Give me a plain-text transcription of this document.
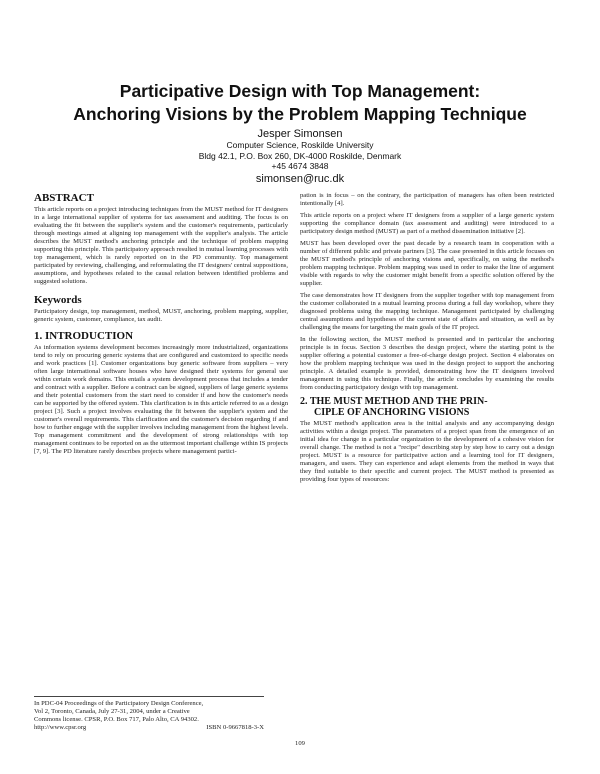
Participative Design with Top Management:
Anchoring Visions by the Problem Mapping Technique
Jesper Simonsen
Computer Science, Roskilde University
Bldg 42.1, P.O. Box 260, DK-4000 Roskilde, Denmark
+45 4674 3848
simonsen@ruc.dk
ABSTRACT
This article reports on a project introducing techniques from the MUST method for IT designers in a large international supplier of systems for tax assessment and auditing. The focus is on evaluating the fit between the supplier's system and the customer's requirements, particularly through meetings aimed at aligning top management with the supplier's analysis. The article describes the MUST method's anchoring principle and the technique of problem mapping supporting this principle. This participatory approach resulted in mutual learning processes with top management, which is rarely reported on in the PD community. Top management participated by reviewing, challenging, and reformulating the IT designers' central suppositions, assumptions, and hypotheses related to the causal relation between identified problems and suggested solutions.
Keywords
Participatory design, top management, method, MUST, anchoring, problem mapping, supplier, generic system, customer, compliance, tax audit.
1. INTRODUCTION
As information systems development becomes increasingly more industrialized, organizations tend to rely on procuring generic systems that are configured and customized to specific needs and work practices [1]. Customer organizations buy generic software from suppliers – very often large international software houses who have designed their systems for general use within certain work domains. This entails a system development process that includes a tender and contract with a supplier. Before a contract can be signed, suppliers of large generic systems and their potential customers from the start need to consider if and how the customer's needs can be supported by the offered system. This clarification is in this article referred to as a design project [3]. Such a project involves evaluating the fit between the supplier's system and the customer's overall requirements. This clarification and the customer's decision regarding if and how to further engage with the supplier involves including management from the highest levels. Top management commitment and the development of strong relationships with top management continues to be reported on as the uttermost important challenge within IS projects [7, 9]. The PD literature rarely describes projects where management partici-
In PDC-04 Proceedings of the Participatory Design Conference,
Vol 2, Toronto, Canada, July 27-31, 2004, under a Creative
Commons license. CPSR, P.O. Box 717, Palo Alto, CA 94302.
http://www.cpsr.org	ISBN 0-9667818-3-X
pation is in focus – on the contrary, the participation of managers has often been restricted intentionally [4].
This article reports on a project where IT designers from a supplier of a large generic system supporting the compliance domain (tax assessment and auditing) were introduced to a participatory design method (MUST) as part of a method dissemination initiative [2].
MUST has been developed over the past decade by a research team in cooperation with a number of different public and private partners [3]. The case presented in this article focuses on the MUST method's principle of anchoring visions and, specifically, on using the method's problem mapping technique. Problem mapping was used in order to make the line of argument visible with regards to why the customer might benefit from a specific solution offered by the supplier.
The case demonstrates how IT designers from the supplier together with top management from the customer collaborated in a mutual learning process during a full day workshop, where they diagnosed problems using the mapping technique. Management participated by challenging central assumptions and hypotheses of the current state of affairs and situation, as well as by challenging the means for targeting the main goals of the IT project.
In the following section, the MUST method is presented and in particular the anchoring principle is in focus. Section 3 describes the design project, where the starting point is the supplier offering a potential customer a free-of-charge design project. Section 4 elaborates on how the problem mapping technique was used in the design project to support the anchoring principle. A detailed example is provided, demonstrating how the IT designers involved management in using this technique. Finally, the article concludes by examining the results from conducting participatory design with top management.
2. THE MUST METHOD AND THE PRIN-
CIPLE OF ANCHORING VISIONS
The MUST method's application area is the initial analysis and any accompanying design activities within a design project. The parameters of a project span from the emergence of an initial idea for change in a particular organization to the development of a cohesive vision for overall change. The method is not a "recipe" describing step by step how to carry out a design project. MUST is a resource for participative action and a learning tool for IT designers, managers, and users. They can experience and adapt elements from the method in ways that they find suitable to their specific and current project. The MUST method is presented as providing four types of resources:
109
